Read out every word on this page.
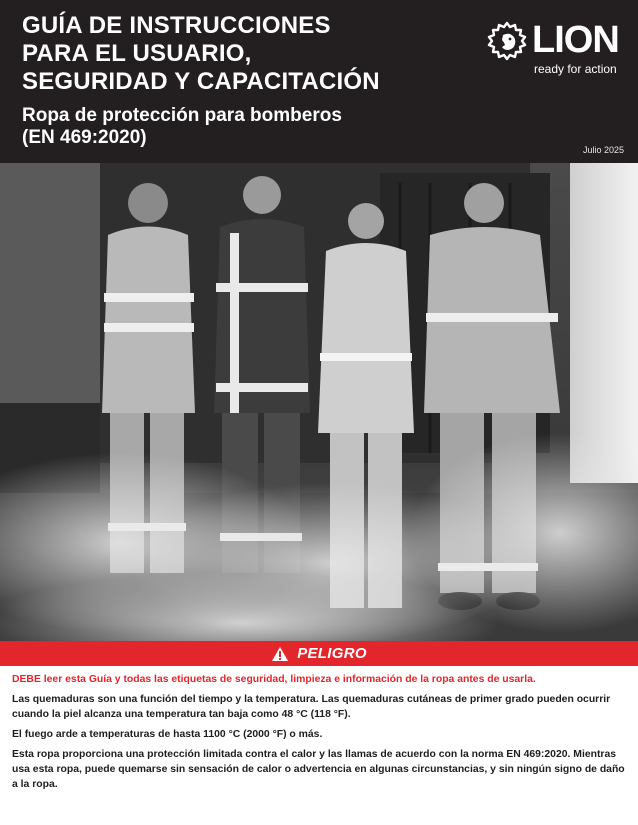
GUÍA DE INSTRUCCIONES
PARA EL USUARIO,
SEGURIDAD Y CAPACITACIÓN
Ropa de protección para bomberos
(EN 469:2020)
Julio 2025
LION
ready for action
PELIGRO

DEBE leer esta Guía y todas las etiquetas de seguridad, limpieza e información de la ropa antes de usarla.

Las quemaduras son una función del tiempo y la temperatura. Las quemaduras cutáneas de primer grado pueden ocurrir cuando la piel alcanza una temperatura tan baja como 48 °C (118 °F).

El fuego arde a temperaturas de hasta 1100 °C (2000 °F) o más.

Esta ropa proporciona una protección limitada contra el calor y las llamas de acuerdo con la norma EN 469:2020. Mientras usa esta ropa, puede quemarse sin sensación de calor o advertencia en algunas circunstancias, y sin ningún signo de daño a la ropa.
